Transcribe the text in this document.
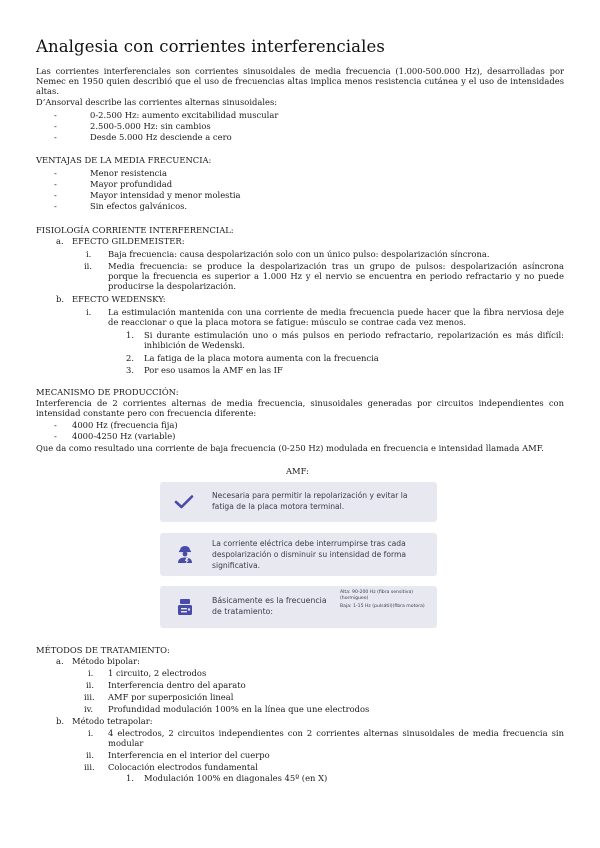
Analgesia con corrientes interferenciales
Las corrientes interferenciales son corrientes sinusoidales de media frecuencia (1.000-500.000 Hz), desarrolladas por Nemec en 1950 quien describió que el uso de frecuencias altas implica menos resistencia cutánea y el uso de intensidades altas.
D’Ansorval describe las corrientes alternas sinusoidales:
-	0-2.500 Hz: aumento excitabilidad muscular
-	2.500-5.000 Hz: sin cambios
-	Desde 5.000 Hz desciende a cero
VENTAJAS DE LA MEDIA FRECUENCIA:
-	Menor resistencia
-	Mayor profundidad
-	Mayor intensidad y menor molestia
-	Sin efectos galvánicos.
FISIOLOGÍA CORRIENTE INTERFERENCIAL:
a. EFECTO GILDEMEISTER:
i. Baja frecuencia: causa despolarización solo con un único pulso: despolarización síncrona.
ii. Media frecuencia: se produce la despolarización tras un grupo de pulsos: despolarización asíncrona porque la frecuencia es superior a 1.000 Hz y el nervio se encuentra en periodo refractario y no puede producirse la despolarización.
b. EFECTO WEDENSKY:
i. La estimulación mantenida con una corriente de media frecuencia puede hacer que la fibra nerviosa deje de reaccionar o que la placa motora se fatigue: músculo se contrae cada vez menos.
1. Si durante estimulación uno o más pulsos en periodo refractario, repolarización es más difícil: inhibición de Wedenski.
2. La fatiga de la placa motora aumenta con la frecuencia
3. Por eso usamos la AMF en las IF
MECANISMO DE PRODUCCIÓN:
Interferencia de 2 corrientes alternas de media frecuencia, sinusoidales generadas por circuitos independientes con intensidad constante pero con frecuencia diferente:
- 4000 Hz (frecuencia fija)
- 4000-4250 Hz (variable)
Que da como resultado una corriente de baja frecuencia (0-250 Hz) modulada en frecuencia e intensidad llamada AMF.
AMF:
Necesaria para permitir la repolarización y evitar la fatiga de la placa motora terminal.
La corriente eléctrica debe interrumpirse tras cada despolarización o disminuir su intensidad de forma significativa.
Básicamente es la frecuencia de tratamiento:
Alta: 90-200 Hz (fibra sensitiva)(hormigueo)
Baja: 1-15 Hz (pulsátil)(fibra motora)
MÉTODOS DE TRATAMIENTO:
a. Método bipolar:
i. 1 circuito, 2 electrodos
ii. Interferencia dentro del aparato
iii. AMF por superposición lineal
iv. Profundidad modulación 100% en la línea que une electrodos
b. Método tetrapolar:
i. 4 electrodos, 2 circuitos independientes con 2 corrientes alternas sinusoidales de media frecuencia sin modular
ii. Interferencia en el interior del cuerpo
iii. Colocación electrodos fundamental
1. Modulación 100% en diagonales 45º (en X)
